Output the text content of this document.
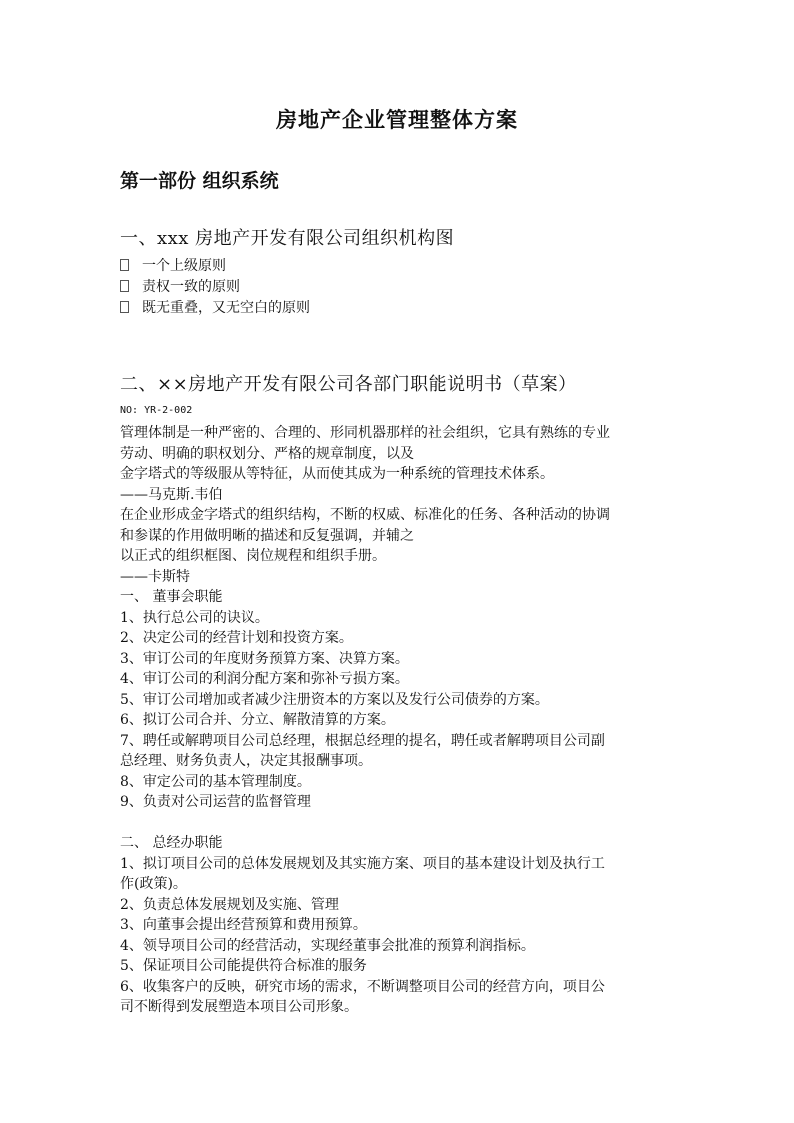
房地产企业管理整体方案
第一部份 组织系统
一、xxx 房地产开发有限公司组织机构图
一个上级原则
责权一致的原则
既无重叠，又无空白的原则
二、××房地产开发有限公司各部门职能说明书（草案）
NO: YR-2-002
管理体制是一种严密的、合理的、形同机器那样的社会组织，它具有熟练的专业
劳动、明确的职权划分、严格的规章制度，以及
金字塔式的等级服从等特征，从而使其成为一种系统的管理技术体系。
——马克斯.韦伯
在企业形成金字塔式的组织结构，不断的权威、标准化的任务、各种活动的协调
和参谋的作用做明晰的描述和反复强调，并辅之
以正式的组织框图、岗位规程和组织手册。
——卡斯特
一、 董事会职能
1、执行总公司的诀议。
2、决定公司的经营计划和投资方案。
3、审订公司的年度财务预算方案、决算方案。
4、审订公司的利润分配方案和弥补亏损方案。
5、审订公司增加或者减少注册资本的方案以及发行公司债券的方案。
6、拟订公司合并、分立、解散清算的方案。
7、聘任或解聘项目公司总经理，根据总经理的提名，聘任或者解聘项目公司副
总经理、财务负责人，决定其报酬事项。
8、审定公司的基本管理制度。
9、负责对公司运营的监督管理
二、 总经办职能
1、拟订项目公司的总体发展规划及其实施方案、项目的基本建设计划及执行工
作(政策)。
2、负责总体发展规划及实施、管理
3、向董事会提出经营预算和费用预算。
4、领导项目公司的经营活动，实现经董事会批准的预算利润指标。
5、保证项目公司能提供符合标准的服务
6、收集客户的反映，研究市场的需求，不断调整项目公司的经营方向，项目公
司不断得到发展塑造本项目公司形象。
